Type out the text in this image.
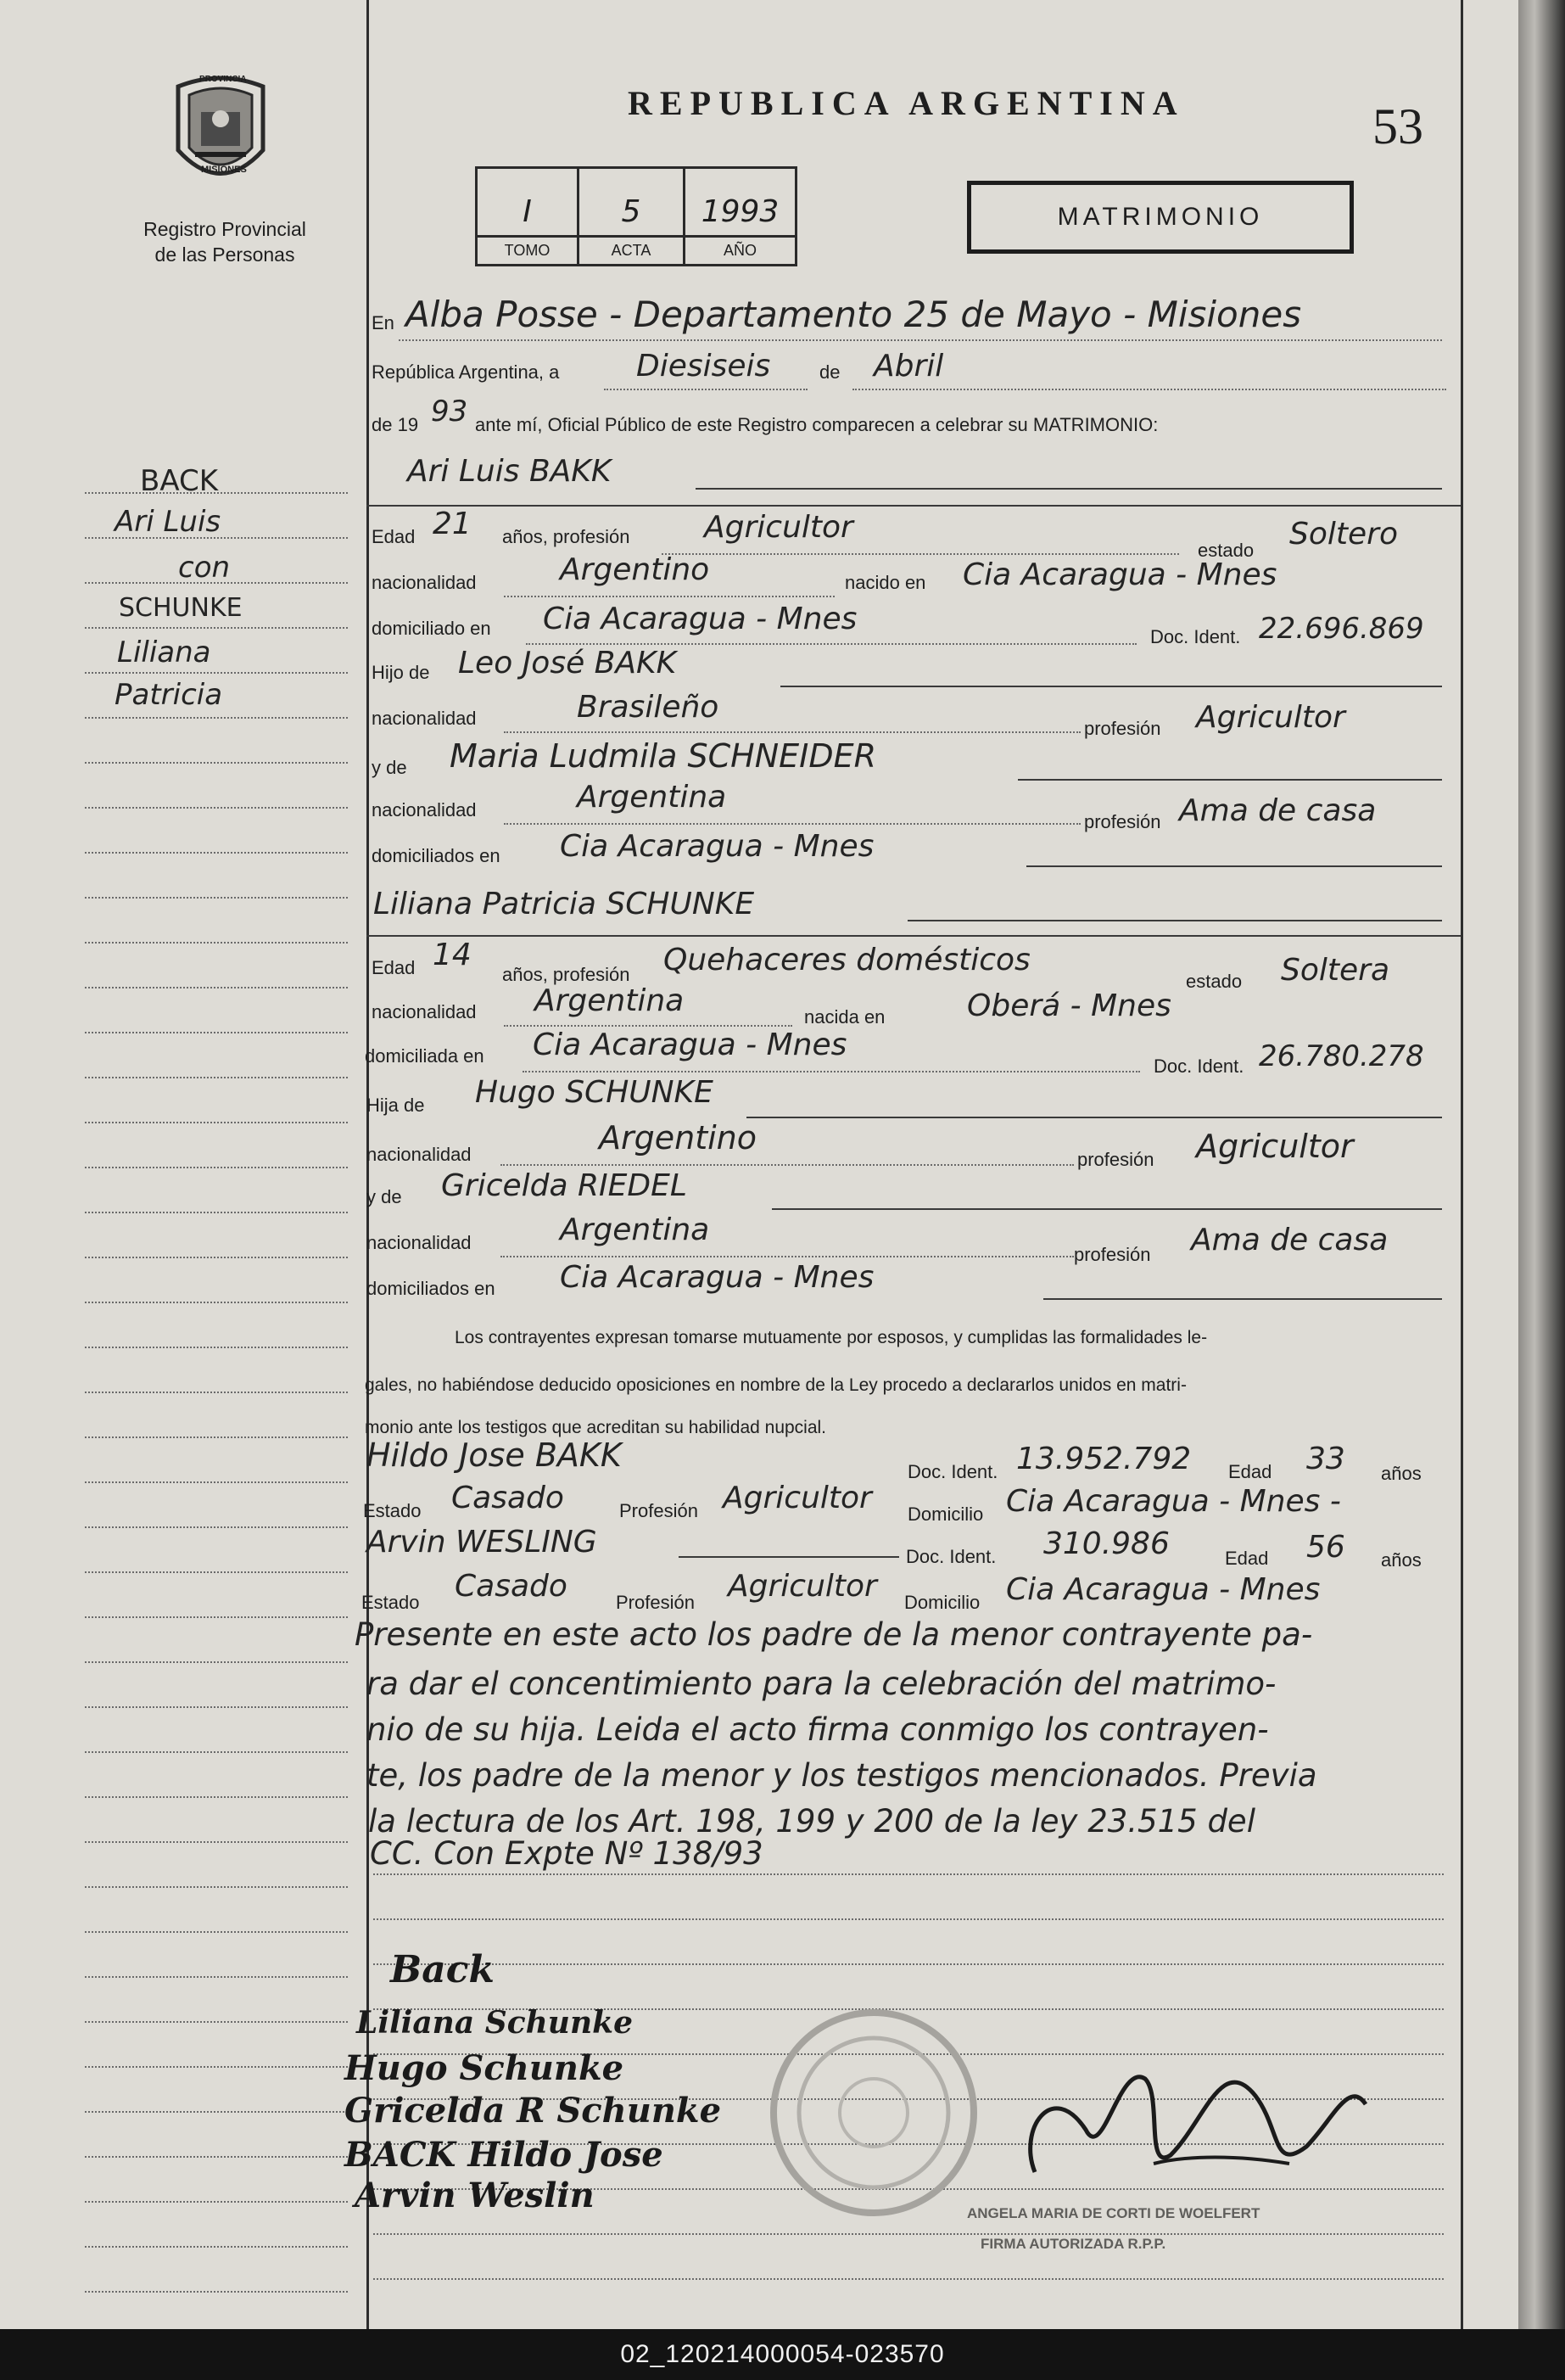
PROVINCIA
MISIONES
Registro Provincial
de las Personas
REPUBLICA ARGENTINA	53
I
TOMO
5
ACTA
1993
AÑO
MATRIMONIO
BACK
Ari Luis
con
SCHUNKE
Liliana
Patricia
En Alba Posse - Departamento 25 de Mayo - Misiones
República Argentina, a	Diesiseis	de Abril
de 19 93 ante mí, Oficial Público de este Registro comparecen a celebrar su MATRIMONIO:
Ari Luis BAKK
Edad 21 años, profesión Agricultor
estado Soltero
nacionalidad	Argentino	nacido en Cia Acaragua - Mnes
domiciliado en Cia Acaragua - Mnes
Doc. Ident. 22.696.869
Hijo de Leo José BAKK
nacionalidad	Brasileño
profesión Agricultor
y de Maria Ludmila SCHNEIDER
nacionalidad	Argentina
profesión Ama de casa
domiciliados en Cia Acaragua - Mnes
Liliana Patricia SCHUNKE
Edad 14
años, profesión Quehaceres domésticos
estado Soltera
nacionalidad Argentina	nacida en	Oberá - Mnes
domiciliada en Cia Acaragua - Mnes
Doc. Ident. 26.780.278
Hija de Hugo SCHUNKE
nacionalidad	Argentino
profesión Agricultor
y de Gricelda RIEDEL
nacionalidad	Argentina
profesión Ama de casa
domiciliados en Cia Acaragua - Mnes
Los contrayentes expresan tomarse mutuamente por esposos, y cumplidas las formalidades le-
gales, no habiéndose deducido oposiciones en nombre de la Ley procedo a declararlos unidos en matri-
monio ante los testigos que acreditan su habilidad nupcial.
Hildo Jose BAKK	Doc. Ident. 13.952.792 Edad 33 años
Estado Casado	Profesión Agricultor Domicilio Cia Acaragua - Mnes -
Arvin WESLING	Doc. Ident. 310.986	Edad 56 años
Estado Casado	Profesión Agricultor Domicilio Cia Acaragua - Mnes
Presente en este acto los padre de la menor contrayente pa-
ra dar el concentimiento para la celebración del matrimo-
nio de su hija. Leida el acto firma conmigo los contrayen-
te, los padre de la menor y los testigos mencionados. Previa
la lectura de los Art. 198, 199 y 200 de la ley 23.515 del
CC. Con Expte Nº 138/93
Back
Liliana Schunke
Hugo Schunke
Gricelda R Schunke
BACK Hildo Jose
Arvin Weslin	ANGELA MARIA DE CORTI DE WOELFERT
FIRMA AUTORIZADA R.P.P.
02_120214000054-023570
